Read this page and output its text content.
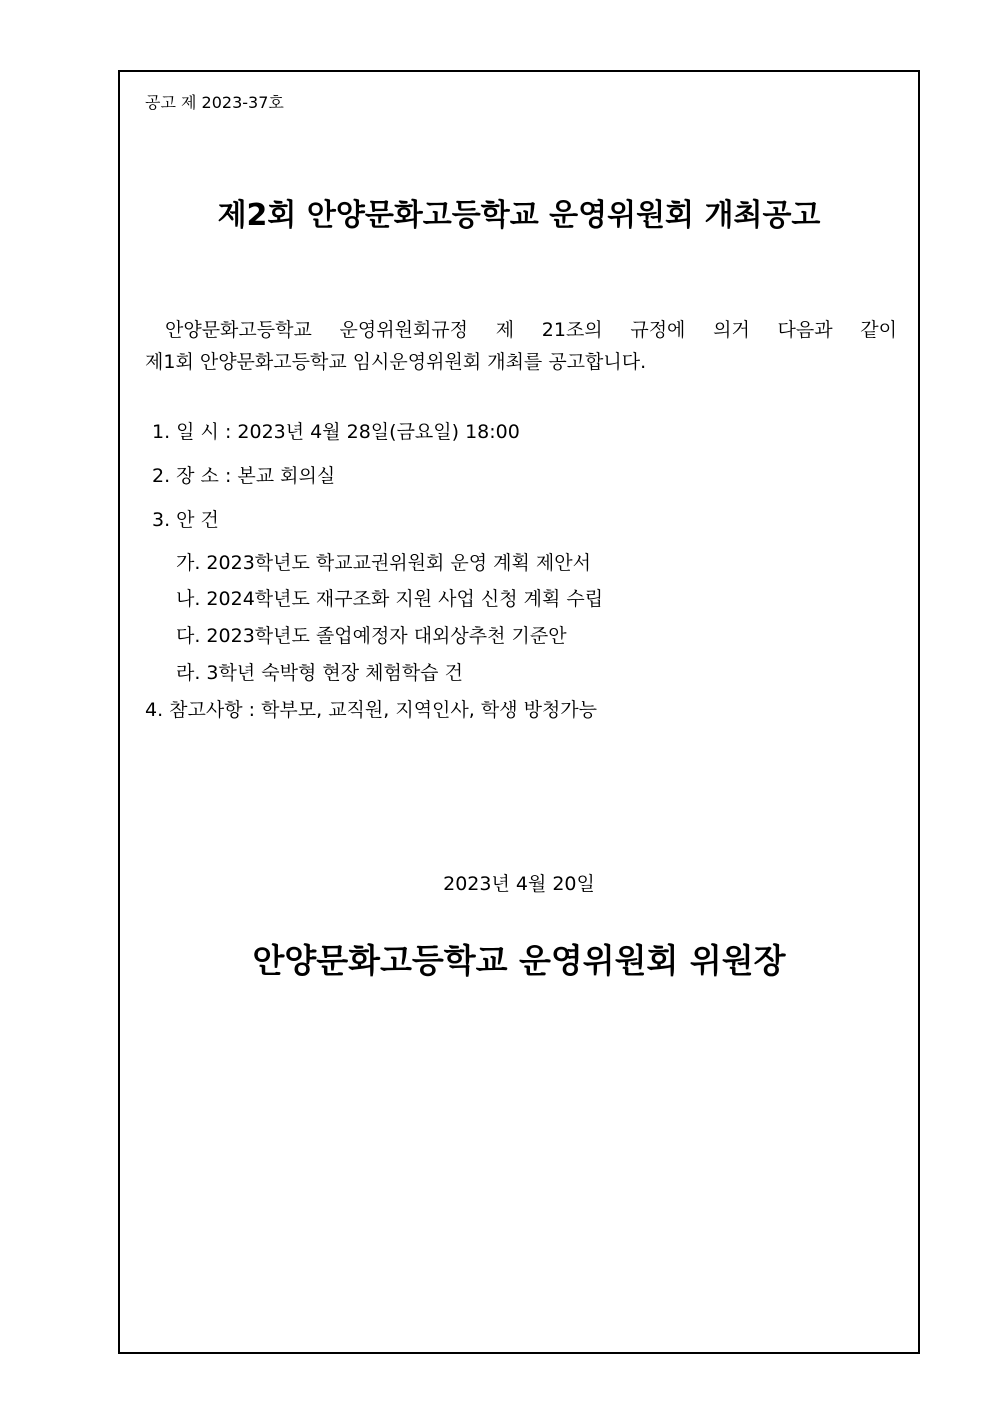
공고 제 2023-37호
제2회 안양문화고등학교 운영위원회 개최공고
안양문화고등학교 운영위원회규정 제 21조의 규정에 의거 다음과 같이
제1회 안양문화고등학교 임시운영위원회 개최를 공고합니다.
1. 일 시 : 2023년 4월 28일(금요일) 18:00
2. 장 소 : 본교 회의실
3. 안 건
가. 2023학년도 학교교권위원회 운영 계획 제안서
나. 2024학년도 재구조화 지원 사업 신청 계획 수립
다. 2023학년도 졸업예정자 대외상추천 기준안
라. 3학년 숙박형 현장 체험학습 건
4. 참고사항 : 학부모, 교직원, 지역인사, 학생 방청가능
2023년 4월 20일
안양문화고등학교 운영위원회 위원장
